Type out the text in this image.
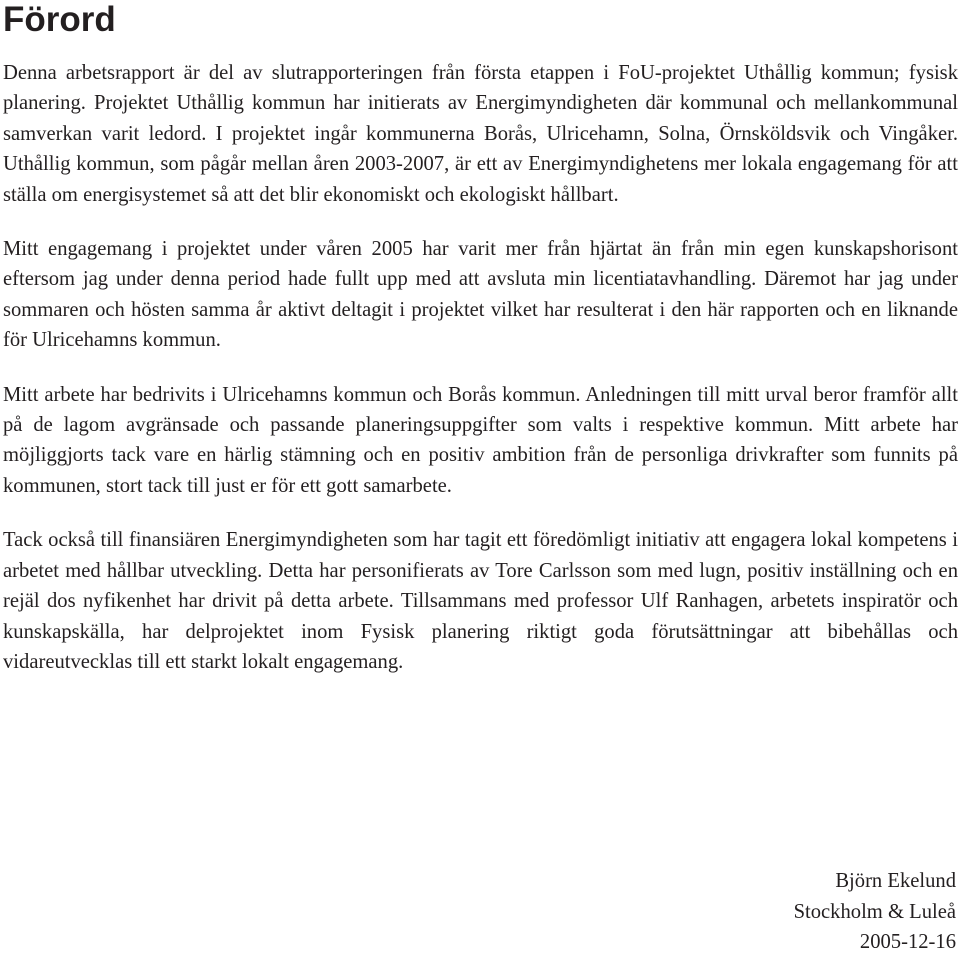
Förord

Denna arbetsrapport är del av slutrapporteringen från första etappen i FoU-projektet Uthållig kommun; fysisk planering. Projektet Uthållig kommun har initierats av Energimyndigheten där kommunal och mellankommunal samverkan varit ledord. I projektet ingår kommunerna Borås, Ulricehamn, Solna, Örnsköldsvik och Vingåker. Uthållig kommun, som pågår mellan åren 2003-2007, är ett av Energimyndighetens mer lokala engagemang för att ställa om energisystemet så att det blir ekonomiskt och ekologiskt hållbart.

Mitt engagemang i projektet under våren 2005 har varit mer från hjärtat än från min egen kunskapshorisont eftersom jag under denna period hade fullt upp med att avsluta min licentiatavhandling. Däremot har jag under sommaren och hösten samma år aktivt deltagit i projektet vilket har resulterat i den här rapporten och en liknande för Ulricehamns kommun.

Mitt arbete har bedrivits i Ulricehamns kommun och Borås kommun. Anledningen till mitt urval beror framför allt på de lagom avgränsade och passande planeringsuppgifter som valts i respektive kommun. Mitt arbete har möjliggjorts tack vare en härlig stämning och en positiv ambition från de personliga drivkrafter som funnits på kommunen, stort tack till just er för ett gott samarbete.

Tack också till finansiären Energimyndigheten som har tagit ett föredömligt initiativ att engagera lokal kompetens i arbetet med hållbar utveckling. Detta har personifierats av Tore Carlsson som med lugn, positiv inställning och en rejäl dos nyfikenhet har drivit på detta arbete. Tillsammans med professor Ulf Ranhagen, arbetets inspiratör och kunskapskälla, har delprojektet inom Fysisk planering riktigt goda förutsättningar att bibehållas och vidareutvecklas till ett starkt lokalt engagemang.

Björn Ekelund
Stockholm & Luleå
2005-12-16
